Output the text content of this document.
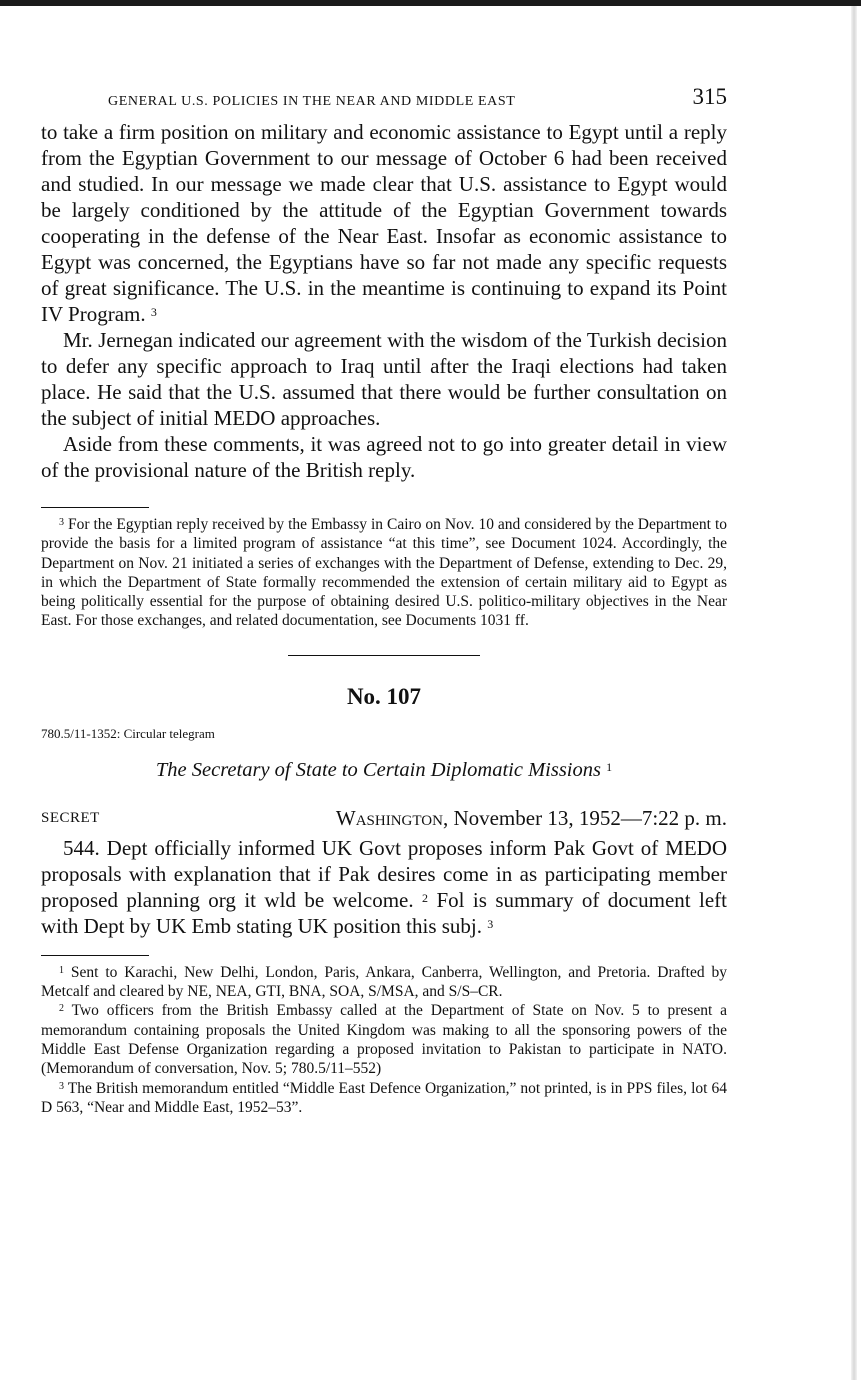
GENERAL U.S. POLICIES IN THE NEAR AND MIDDLE EAST	315

to take a firm position on military and economic assistance to Egypt until a reply from the Egyptian Government to our message of October 6 had been received and studied. In our message we made clear that U.S. assistance to Egypt would be largely conditioned by the attitude of the Egyptian Government towards cooperating in the defense of the Near East. Insofar as economic assistance to Egypt was concerned, the Egyptians have so far not made any specific requests of great significance. The U.S. in the meantime is continuing to expand its Point IV Program. $^3$

Mr. Jernegan indicated our agreement with the wisdom of the Turkish decision to defer any specific approach to Iraq until after the Iraqi elections had taken place. He said that the U.S. assumed that there would be further consultation on the subject of initial MEDO approaches.

Aside from these comments, it was agreed not to go into greater detail in view of the provisional nature of the British reply.

$^3$ For the Egyptian reply received by the Embassy in Cairo on Nov. 10 and considered by the Department to provide the basis for a limited program of assistance “at this time”, see Document 1024. Accordingly, the Department on Nov. 21 initiated a series of exchanges with the Department of Defense, extending to Dec. 29, in which the Department of State formally recommended the extension of certain military aid to Egypt as being politically essential for the purpose of obtaining desired U.S. politico-military objectives in the Near East. For those exchanges, and related documentation, see Documents 1031 ff.

No. 107
780.5/11-1352: Circular telegram
The Secretary of State to Certain Diplomatic Missions $^1$
SECRET	Washington, November 13, 1952—7:22 p. m.

544. Dept officially informed UK Govt proposes inform Pak Govt of MEDO proposals with explanation that if Pak desires come in as participating member proposed planning org it wld be welcome. $^2$ Fol is summary of document left with Dept by UK Emb stating UK position this subj. $^3$

$^1$ Sent to Karachi, New Delhi, London, Paris, Ankara, Canberra, Wellington, and Pretoria. Drafted by Metcalf and cleared by NE, NEA, GTI, BNA, SOA, S/MSA, and S/S–CR.

$^2$ Two officers from the British Embassy called at the Department of State on Nov. 5 to present a memorandum containing proposals the United Kingdom was making to all the sponsoring powers of the Middle East Defense Organization regarding a proposed invitation to Pakistan to participate in NATO. (Memorandum of conversation, Nov. 5; 780.5/11–552)

$^3$ The British memorandum entitled “Middle East Defence Organization,” not printed, is in PPS files, lot 64 D 563, “Near and Middle East, 1952–53”.
